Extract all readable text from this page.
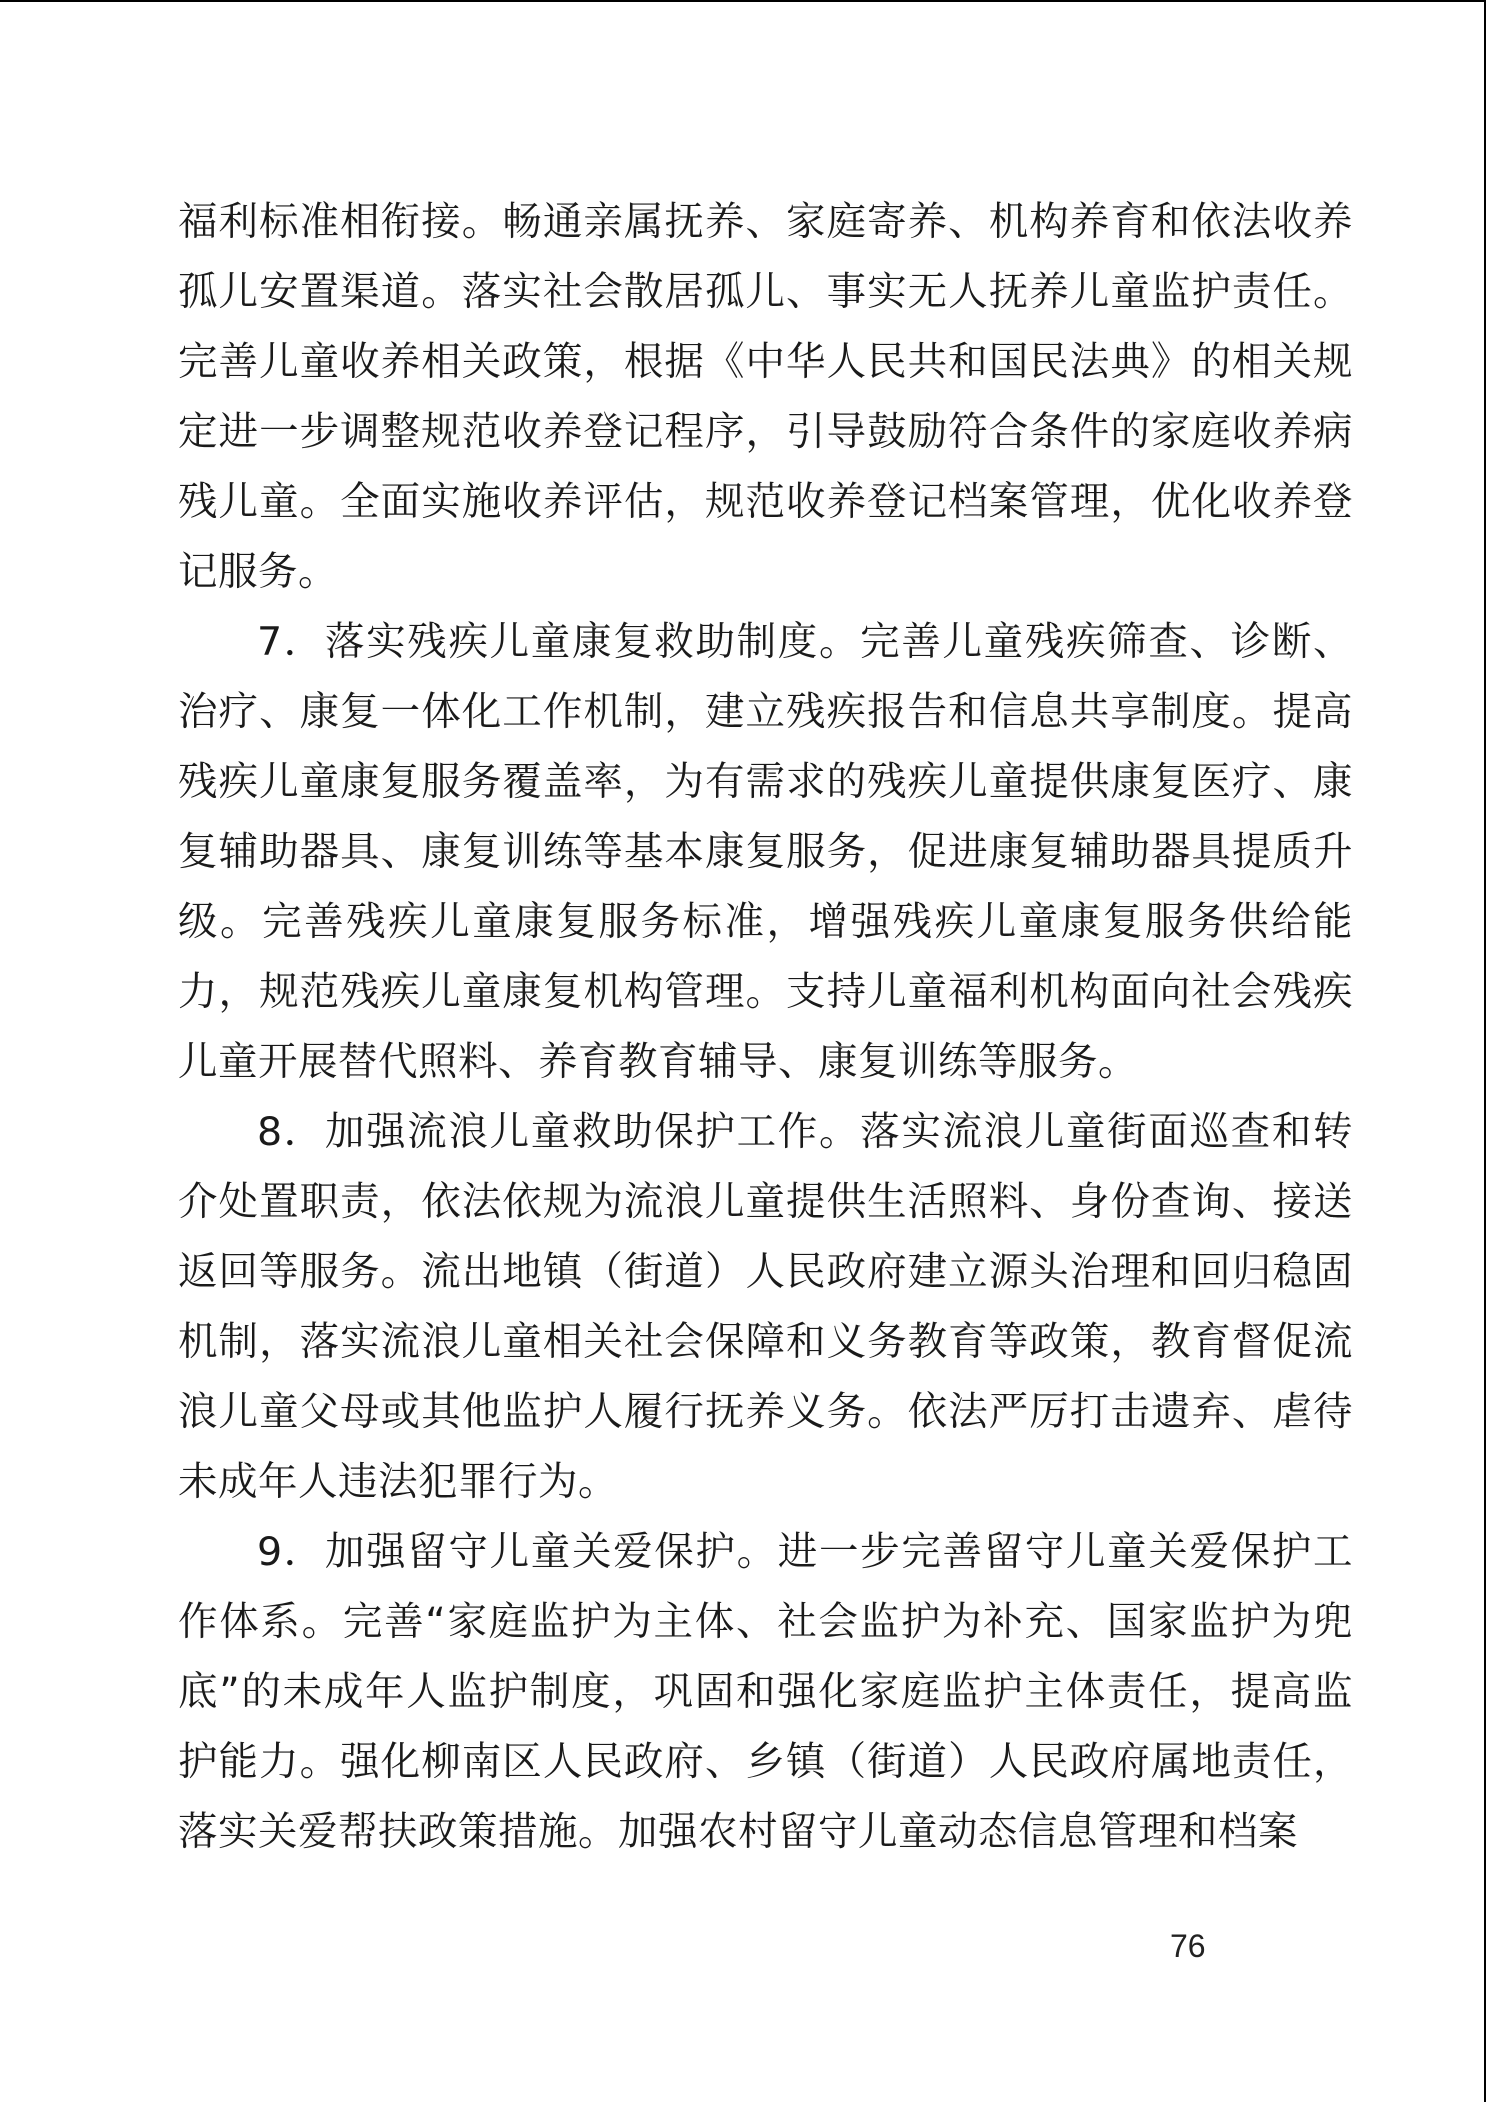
福利标准相衔接。畅通亲属抚养、家庭寄养、机构养育和依法收养孤儿安置渠道。落实社会散居孤儿、事实无人抚养儿童监护责任。完善儿童收养相关政策，根据《中华人民共和国民法典》的相关规定进一步调整规范收养登记程序，引导鼓励符合条件的家庭收养病残儿童。全面实施收养评估，规范收养登记档案管理，优化收养登记服务。

7．落实残疾儿童康复救助制度。完善儿童残疾筛查、诊断、治疗、康复一体化工作机制，建立残疾报告和信息共享制度。提高残疾儿童康复服务覆盖率，为有需求的残疾儿童提供康复医疗、康复辅助器具、康复训练等基本康复服务，促进康复辅助器具提质升级。完善残疾儿童康复服务标准，增强残疾儿童康复服务供给能力，规范残疾儿童康复机构管理。支持儿童福利机构面向社会残疾儿童开展替代照料、养育教育辅导、康复训练等服务。

8．加强流浪儿童救助保护工作。落实流浪儿童街面巡查和转介处置职责，依法依规为流浪儿童提供生活照料、身份查询、接送返回等服务。流出地镇（街道）人民政府建立源头治理和回归稳固机制，落实流浪儿童相关社会保障和义务教育等政策，教育督促流浪儿童父母或其他监护人履行抚养义务。依法严厉打击遗弃、虐待未成年人违法犯罪行为。

9．加强留守儿童关爱保护。进一步完善留守儿童关爱保护工作体系。完善“家庭监护为主体、社会监护为补充、国家监护为兜底”的未成年人监护制度，巩固和强化家庭监护主体责任，提高监护能力。强化柳南区人民政府、乡镇（街道）人民政府属地责任，落实关爱帮扶政策措施。加强农村留守儿童动态信息管理和档案

76
